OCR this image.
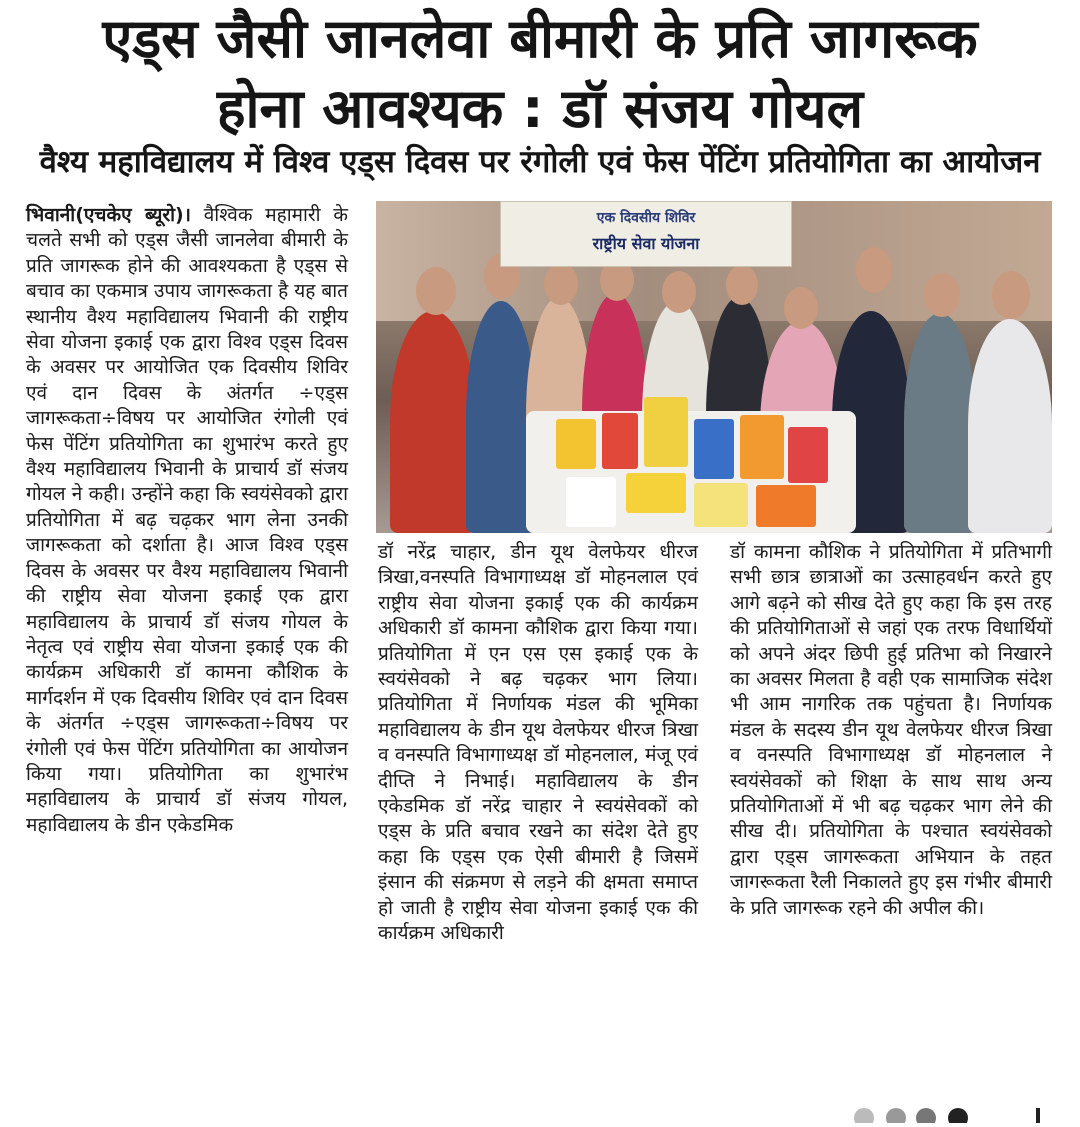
एड्स जैसी जानलेवा बीमारी के प्रति जागरूक
होना आवश्यक : डॉ संजय गोयल
वैश्य महाविद्यालय में विश्व एड्स दिवस पर रंगोली एवं फेस पेंटिंग प्रतियोगिता का आयोजन
एक दिवसीय शिविर
राष्ट्रीय सेवा योजना

भिवानी(एचकेए ब्यूरो)। वैश्विक महामारी के चलते सभी को एड्स जैसी जानलेवा बीमारी के प्रति जागरूक होने की आवश्यकता है एड्स से बचाव का एकमात्र उपाय जागरूकता है यह बात स्थानीय वैश्य महाविद्यालय भिवानी की राष्ट्रीय सेवा योजना इकाई एक द्वारा विश्व एड्स दिवस के अवसर पर आयोजित एक दिवसीय शिविर एवं दान दिवस के अंतर्गत ÷एड्स जागरूकता÷विषय पर आयोजित रंगोली एवं फेस पेंटिंग प्रतियोगिता का शुभारंभ करते हुए वैश्य महाविद्यालय भिवानी के प्राचार्य डॉ संजय गोयल ने कही। उन्होंने कहा कि स्वयंसेवको द्वारा प्रतियोगिता में बढ़ चढ़कर भाग लेना उनकी जागरूकता को दर्शाता है। आज विश्व एड्स दिवस के अवसर पर वैश्य महाविद्यालय भिवानी की राष्ट्रीय सेवा योजना इकाई एक द्वारा महाविद्यालय के प्राचार्य डॉ संजय गोयल के नेतृत्व एवं राष्ट्रीय सेवा योजना इकाई एक की कार्यक्रम अधिकारी डॉ कामना कौशिक के मार्गदर्शन में एक दिवसीय शिविर एवं दान दिवस के अंतर्गत ÷एड्स जागरूकता÷विषय पर रंगोली एवं फेस पेंटिंग प्रतियोगिता का आयोजन किया गया। प्रतियोगिता का शुभारंभ महाविद्यालय के प्राचार्य डॉ संजय गोयल, महाविद्यालय के डीन एकेडमिक

डॉ नरेंद्र चाहार, डीन यूथ वेलफेयर धीरज त्रिखा,वनस्पति विभागाध्यक्ष डॉ मोहनलाल एवं राष्ट्रीय सेवा योजना इकाई एक की कार्यक्रम अधिकारी डॉ कामना कौशिक द्वारा किया गया। प्रतियोगिता में एन एस एस इकाई एक के स्वयंसेवको ने बढ़ चढ़कर भाग लिया।प्रतियोगिता में निर्णायक मंडल की भूमिका महाविद्यालय के डीन यूथ वेलफेयर धीरज त्रिखा व वनस्पति विभागाध्यक्ष डॉ मोहनलाल, मंजू एवं दीप्ति ने निभाई। महाविद्यालय के डीन एकेडमिक डॉ नरेंद्र चाहार ने स्वयंसेवकों को एड्स के प्रति बचाव रखने का संदेश देते हुए कहा कि एड्स एक ऐसी बीमारी है जिसमें इंसान की संक्रमण से लड़ने की क्षमता समाप्त हो जाती है राष्ट्रीय सेवा योजना इकाई एक की कार्यक्रम अधिकारी

डॉ कामना कौशिक ने प्रतियोगिता में प्रतिभागी सभी छात्र छात्राओं का उत्साहवर्धन करते हुए आगे बढ़ने को सीख देते हुए कहा कि इस तरह की प्रतियोगिताओं से जहां एक तरफ विधार्थियों को अपने अंदर छिपी हुई प्रतिभा को निखारने का अवसर मिलता है वही एक सामाजिक संदेश भी आम नागरिक तक पहुंचता है। निर्णायक मंडल के सदस्य डीन यूथ वेलफेयर धीरज त्रिखा व वनस्पति विभागाध्यक्ष डॉ मोहनलाल ने स्वयंसेवकों को शिक्षा के साथ साथ अन्य प्रतियोगिताओं में भी बढ़ चढ़कर भाग लेने की सीख दी। प्रतियोगिता के पश्चात स्वयंसेवको द्वारा एड्स जागरूकता अभियान के तहत जागरूकता रैली निकालते हुए इस गंभीर बीमारी के प्रति जागरूक रहने की अपील की।
